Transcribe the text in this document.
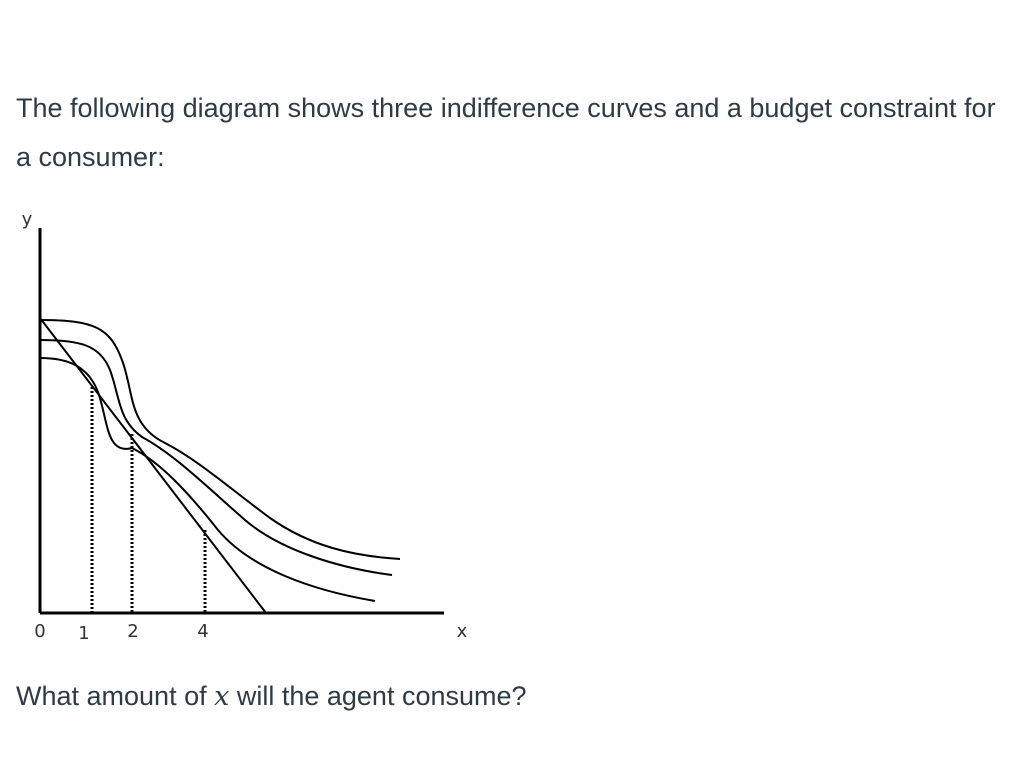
The following diagram shows three indifference curves and a budget constraint for a consumer:

y
x
0 1 2	4

What amount of x will the agent consume?
